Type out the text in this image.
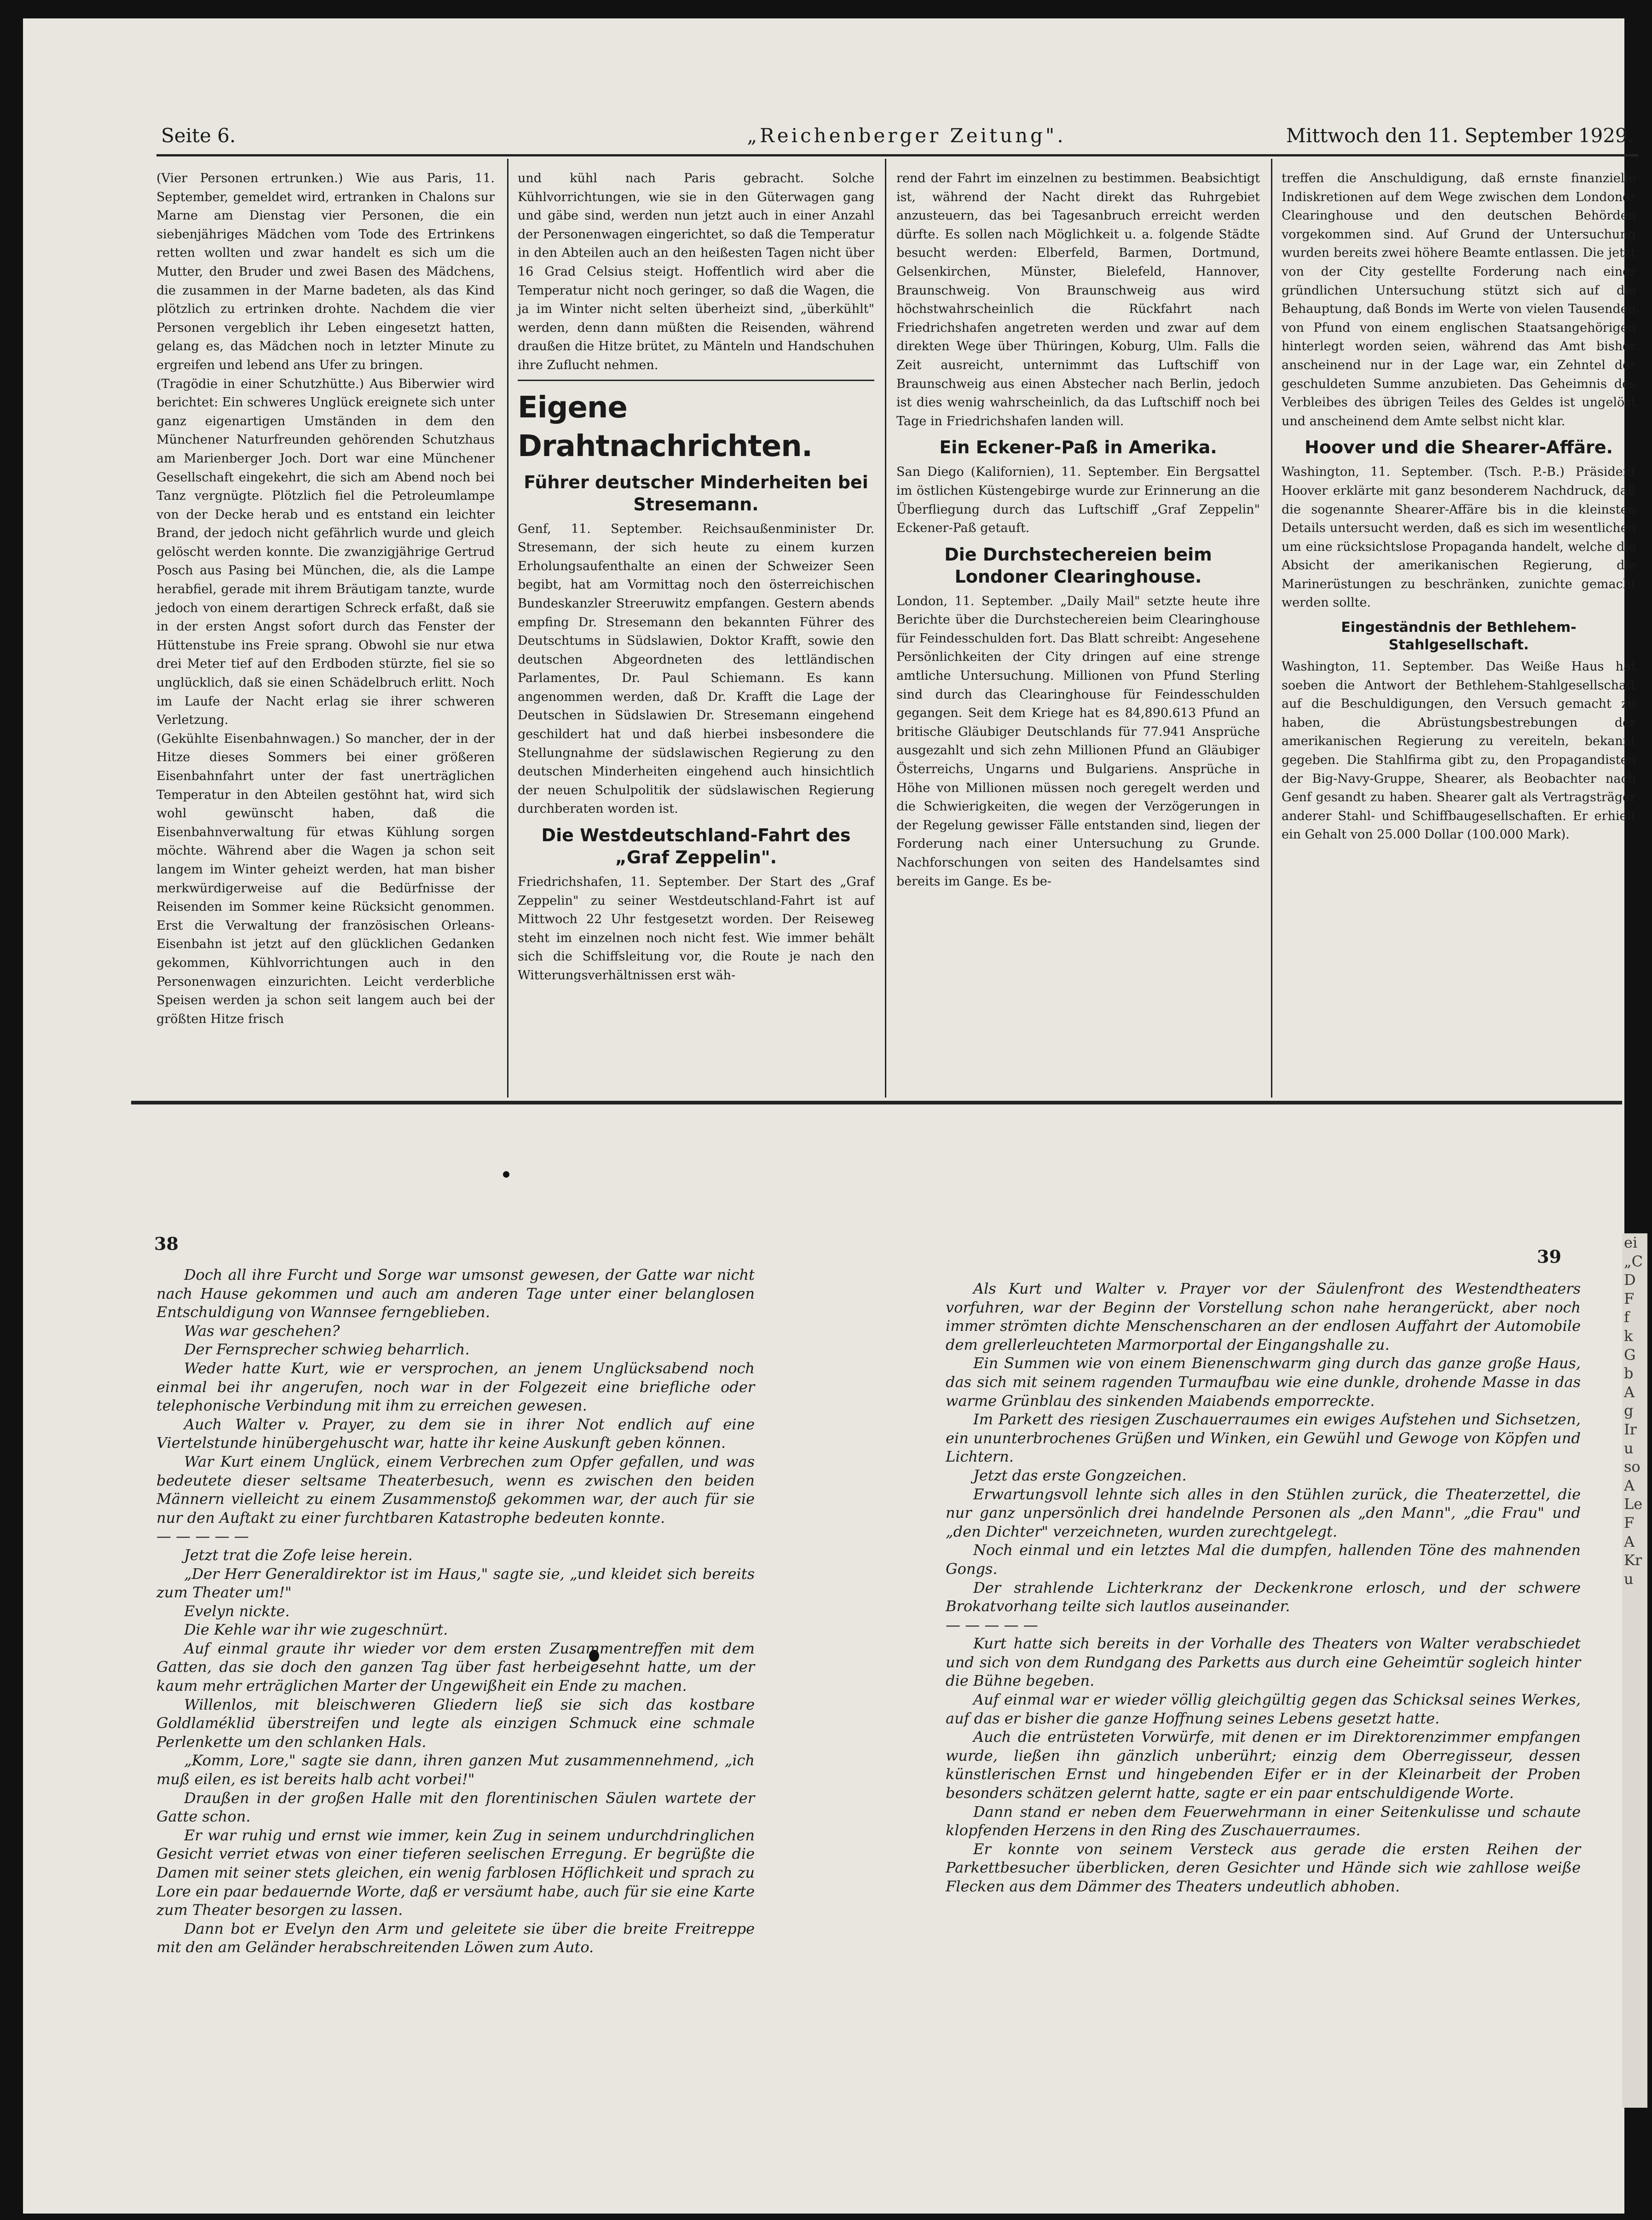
Seite 6.	„Reichenberger Zeitung".	Mittwoch den 11. September 1929.

(Vier Personen ertrunken.) Wie aus Paris, 11. September, gemeldet wird, ertranken in Chalons sur Marne am Dienstag vier Personen, die ein siebenjähriges Mädchen vom Tode des Ertrinkens retten wollten und zwar handelt es sich um die Mutter, den Bruder und zwei Basen des Mädchens, die zusammen in der Marne badeten, als das Kind plötzlich zu ertrinken drohte. Nachdem die vier Personen vergeblich ihr Leben eingesetzt hatten, gelang es, das Mädchen noch in letzter Minute zu ergreifen und lebend ans Ufer zu bringen.

(Tragödie in einer Schutzhütte.) Aus Biberwier wird berichtet: Ein schweres Unglück ereignete sich unter ganz eigenartigen Umständen in dem den Münchener Naturfreunden gehörenden Schutzhaus am Marienberger Joch. Dort war eine Münchener Gesellschaft eingekehrt, die sich am Abend noch bei Tanz vergnügte. Plötzlich fiel die Petroleumlampe von der Decke herab und es entstand ein leichter Brand, der jedoch nicht gefährlich wurde und gleich gelöscht werden konnte. Die zwanzigjährige Gertrud Posch aus Pasing bei München, die, als die Lampe herabfiel, gerade mit ihrem Bräutigam tanzte, wurde jedoch von einem derartigen Schreck erfaßt, daß sie in der ersten Angst sofort durch das Fenster der Hüttenstube ins Freie sprang. Obwohl sie nur etwa drei Meter tief auf den Erdboden stürzte, fiel sie so unglücklich, daß sie einen Schädelbruch erlitt. Noch im Laufe der Nacht erlag sie ihrer schweren Verletzung.

(Gekühlte Eisenbahnwagen.) So mancher, der in der Hitze dieses Sommers bei einer größeren Eisenbahnfahrt unter der fast unerträglichen Temperatur in den Abteilen gestöhnt hat, wird sich wohl gewünscht haben, daß die Eisenbahnverwaltung für etwas Kühlung sorgen möchte. Während aber die Wagen ja schon seit langem im Winter geheizt werden, hat man bisher merkwürdigerweise auf die Bedürfnisse der Reisenden im Sommer keine Rücksicht genommen. Erst die Verwaltung der französischen Orleans-Eisenbahn ist jetzt auf den glücklichen Gedanken gekommen, Kühlvorrichtungen auch in den Personenwagen einzurichten. Leicht verderbliche Speisen werden ja schon seit langem auch bei der größten Hitze frisch

und kühl nach Paris gebracht. Solche Kühlvorrichtungen, wie sie in den Güterwagen gang und gäbe sind, werden nun jetzt auch in einer Anzahl der Personenwagen eingerichtet, so daß die Temperatur in den Abteilen auch an den heißesten Tagen nicht über 16 Grad Celsius steigt. Hoffentlich wird aber die Temperatur nicht noch geringer, so daß die Wagen, die ja im Winter nicht selten überheizt sind, „überkühlt" werden, denn dann müßten die Reisenden, während draußen die Hitze brütet, zu Mänteln und Handschuhen ihre Zuflucht nehmen.

Eigene Drahtnachrichten.
Führer deutscher Minderheiten bei Stresemann.

Genf, 11. September. Reichsaußenminister Dr. Stresemann, der sich heute zu einem kurzen Erholungsaufenthalte an einen der Schweizer Seen begibt, hat am Vormittag noch den österreichischen Bundeskanzler Streeruwitz empfangen. Gestern abends empfing Dr. Stresemann den bekannten Führer des Deutschtums in Südslawien, Doktor Krafft, sowie den deutschen Abgeordneten des lettländischen Parlamentes, Dr. Paul Schiemann. Es kann angenommen werden, daß Dr. Krafft die Lage der Deutschen in Südslawien Dr. Stresemann eingehend geschildert hat und daß hierbei insbesondere die Stellungnahme der südslawischen Regierung zu den deutschen Minderheiten eingehend auch hinsichtlich der neuen Schulpolitik der südslawischen Regierung durchberaten worden ist.

Die Westdeutschland-Fahrt des „Graf Zeppelin".

Friedrichshafen, 11. September. Der Start des „Graf Zeppelin" zu seiner Westdeutschland-Fahrt ist auf Mittwoch 22 Uhr festgesetzt worden. Der Reiseweg steht im einzelnen noch nicht fest. Wie immer behält sich die Schiffsleitung vor, die Route je nach den Witterungsverhältnissen erst wäh-

rend der Fahrt im einzelnen zu bestimmen. Beabsichtigt ist, während der Nacht direkt das Ruhrgebiet anzusteuern, das bei Tagesanbruch erreicht werden dürfte. Es sollen nach Möglichkeit u. a. folgende Städte besucht werden: Elberfeld, Barmen, Dortmund, Gelsenkirchen, Münster, Bielefeld, Hannover, Braunschweig. Von Braunschweig aus wird höchstwahrscheinlich die Rückfahrt nach Friedrichshafen angetreten werden und zwar auf dem direkten Wege über Thüringen, Koburg, Ulm. Falls die Zeit ausreicht, unternimmt das Luftschiff von Braunschweig aus einen Abstecher nach Berlin, jedoch ist dies wenig wahrscheinlich, da das Luftschiff noch bei Tage in Friedrichshafen landen will.

Ein Eckener-Paß in Amerika.

San Diego (Kalifornien), 11. September. Ein Bergsattel im östlichen Küstengebirge wurde zur Erinnerung an die Überfliegung durch das Luftschiff „Graf Zeppelin" Eckener-Paß getauft.

Die Durchstechereien beim Londoner Clearinghouse.

London, 11. September. „Daily Mail" setzte heute ihre Berichte über die Durchstechereien beim Clearinghouse für Feindesschulden fort. Das Blatt schreibt: Angesehene Persönlichkeiten der City dringen auf eine strenge amtliche Untersuchung. Millionen von Pfund Sterling sind durch das Clearinghouse für Feindesschulden gegangen. Seit dem Kriege hat es 84,890.613 Pfund an britische Gläubiger Deutschlands für 77.941 Ansprüche ausgezahlt und sich zehn Millionen Pfund an Gläubiger Österreichs, Ungarns und Bulgariens. Ansprüche in Höhe von Millionen müssen noch geregelt werden und die Schwierigkeiten, die wegen der Verzögerungen in der Regelung gewisser Fälle entstanden sind, liegen der Forderung nach einer Untersuchung zu Grunde. Nachforschungen von seiten des Handelsamtes sind bereits im Gange. Es be-

treffen die Anschuldigung, daß ernste finanzielle Indiskretionen auf dem Wege zwischen dem Londoner Clearinghouse und den deutschen Behörden vorgekommen sind. Auf Grund der Untersuchung wurden bereits zwei höhere Beamte entlassen. Die jetzt von der City gestellte Forderung nach einer gründlichen Untersuchung stützt sich auf die Behauptung, daß Bonds im Werte von vielen Tausenden von Pfund von einem englischen Staatsangehörigen hinterlegt worden seien, während das Amt bisher anscheinend nur in der Lage war, ein Zehntel der geschuldeten Summe anzubieten. Das Geheimnis des Verbleibes des übrigen Teiles des Geldes ist ungelöst und anscheinend dem Amte selbst nicht klar.

Hoover und die Shearer-Affäre.

Washington, 11. September. (Tsch. P.-B.) Präsident Hoover erklärte mit ganz besonderem Nachdruck, daß die sogenannte Shearer-Affäre bis in die kleinsten Details untersucht werden, daß es sich im wesentlichen um eine rücksichtslose Propaganda handelt, welche die Absicht der amerikanischen Regierung, die Marinerüstungen zu beschränken, zunichte gemacht werden sollte.

Eingeständnis der Bethlehem-Stahlgesellschaft.

Washington, 11. September. Das Weiße Haus hat soeben die Antwort der Bethlehem-Stahlgesellschaft auf die Beschuldigungen, den Versuch gemacht zu haben, die Abrüstungsbestrebungen der amerikanischen Regierung zu vereiteln, bekannt gegeben. Die Stahlfirma gibt zu, den Propagandisten der Big-Navy-Gruppe, Shearer, als Beobachter nach Genf gesandt zu haben. Shearer galt als Vertragsträger anderer Stahl- und Schiffbaugesellschaften. Er erhielt ein Gehalt von 25.000 Dollar (100.000 Mark).

38
39

Doch all ihre Furcht und Sorge war umsonst gewesen, der Gatte war nicht nach Hause gekommen und auch am anderen Tage unter einer belanglosen Entschuldigung von Wannsee ferngeblieben.

Was war geschehen?

Der Fernsprecher schwieg beharrlich.

Weder hatte Kurt, wie er versprochen, an jenem Unglücksabend noch einmal bei ihr angerufen, noch war in der Folgezeit eine briefliche oder telephonische Verbindung mit ihm zu erreichen gewesen.

Auch Walter v. Prayer, zu dem sie in ihrer Not endlich auf eine Viertelstunde hinübergehuscht war, hatte ihr keine Auskunft geben können.

War Kurt einem Unglück, einem Verbrechen zum Opfer gefallen, und was bedeutete dieser seltsame Theaterbesuch, wenn es zwischen den beiden Männern vielleicht zu einem Zusammenstoß gekommen war, der auch für sie nur den Auftakt zu einer furchtbaren Katastrophe bedeuten konnte.

— — — — —

Jetzt trat die Zofe leise herein.

„Der Herr Generaldirektor ist im Haus," sagte sie, „und kleidet sich bereits zum Theater um!"

Evelyn nickte.

Die Kehle war ihr wie zugeschnürt.

Auf einmal graute ihr wieder vor dem ersten Zusammentreffen mit dem Gatten, das sie doch den ganzen Tag über fast herbeigesehnt hatte, um der kaum mehr erträglichen Marter der Ungewißheit ein Ende zu machen.

Willenlos, mit bleischweren Gliedern ließ sie sich das kostbare Goldlaméklid überstreifen und legte als einzigen Schmuck eine schmale Perlenkette um den schlanken Hals.

„Komm, Lore," sagte sie dann, ihren ganzen Mut zusammennehmend, „ich muß eilen, es ist bereits halb acht vorbei!"

Draußen in der großen Halle mit den florentinischen Säulen wartete der Gatte schon.

Er war ruhig und ernst wie immer, kein Zug in seinem undurchdringlichen Gesicht verriet etwas von einer tieferen seelischen Erregung. Er begrüßte die Damen mit seiner stets gleichen, ein wenig farblosen Höflichkeit und sprach zu Lore ein paar bedauernde Worte, daß er versäumt habe, auch für sie eine Karte zum Theater besorgen zu lassen.

Dann bot er Evelyn den Arm und geleitete sie über die breite Freitreppe mit den am Geländer herabschreitenden Löwen zum Auto.

Als Kurt und Walter v. Prayer vor der Säulenfront des Westendtheaters vorfuhren, war der Beginn der Vorstellung schon nahe herangerückt, aber noch immer strömten dichte Menschenscharen an der endlosen Auffahrt der Automobile dem grellerleuchteten Marmorportal der Eingangshalle zu.

Ein Summen wie von einem Bienenschwarm ging durch das ganze große Haus, das sich mit seinem ragenden Turmaufbau wie eine dunkle, drohende Masse in das warme Grünblau des sinkenden Maiabends emporreckte.

Im Parkett des riesigen Zuschauerraumes ein ewiges Aufstehen und Sichsetzen, ein ununterbrochenes Grüßen und Winken, ein Gewühl und Gewoge von Köpfen und Lichtern.

Jetzt das erste Gongzeichen.

Erwartungsvoll lehnte sich alles in den Stühlen zurück, die Theaterzettel, die nur ganz unpersönlich drei handelnde Personen als „den Mann", „die Frau" und „den Dichter" verzeichneten, wurden zurechtgelegt.

Noch einmal und ein letztes Mal die dumpfen, hallenden Töne des mahnenden Gongs.

Der strahlende Lichterkranz der Deckenkrone erlosch, und der schwere Brokatvorhang teilte sich lautlos auseinander.

— — — — —

Kurt hatte sich bereits in der Vorhalle des Theaters von Walter verabschiedet und sich von dem Rundgang des Parketts aus durch eine Geheimtür sogleich hinter die Bühne begeben.

Auf einmal war er wieder völlig gleichgültig gegen das Schicksal seines Werkes, auf das er bisher die ganze Hoffnung seines Lebens gesetzt hatte.

Auch die entrüsteten Vorwürfe, mit denen er im Direktorenzimmer empfangen wurde, ließen ihn gänzlich unberührt; einzig dem Oberregisseur, dessen künstlerischen Ernst und hingebenden Eifer er in der Kleinarbeit der Proben besonders schätzen gelernt hatte, sagte er ein paar entschuldigende Worte.

Dann stand er neben dem Feuerwehrmann in einer Seitenkulisse und schaute klopfenden Herzens in den Ring des Zuschauerraumes.

Er konnte von seinem Versteck aus gerade die ersten Reihen der Parkettbesucher überblicken, deren Gesichter und Hände sich wie zahllose weiße Flecken aus dem Dämmer des Theaters undeutlich abhoben.

ei
„C
D
F
f
k
G
b
A
g
Ir
u
so
A
Le
F
A
Kr
u
